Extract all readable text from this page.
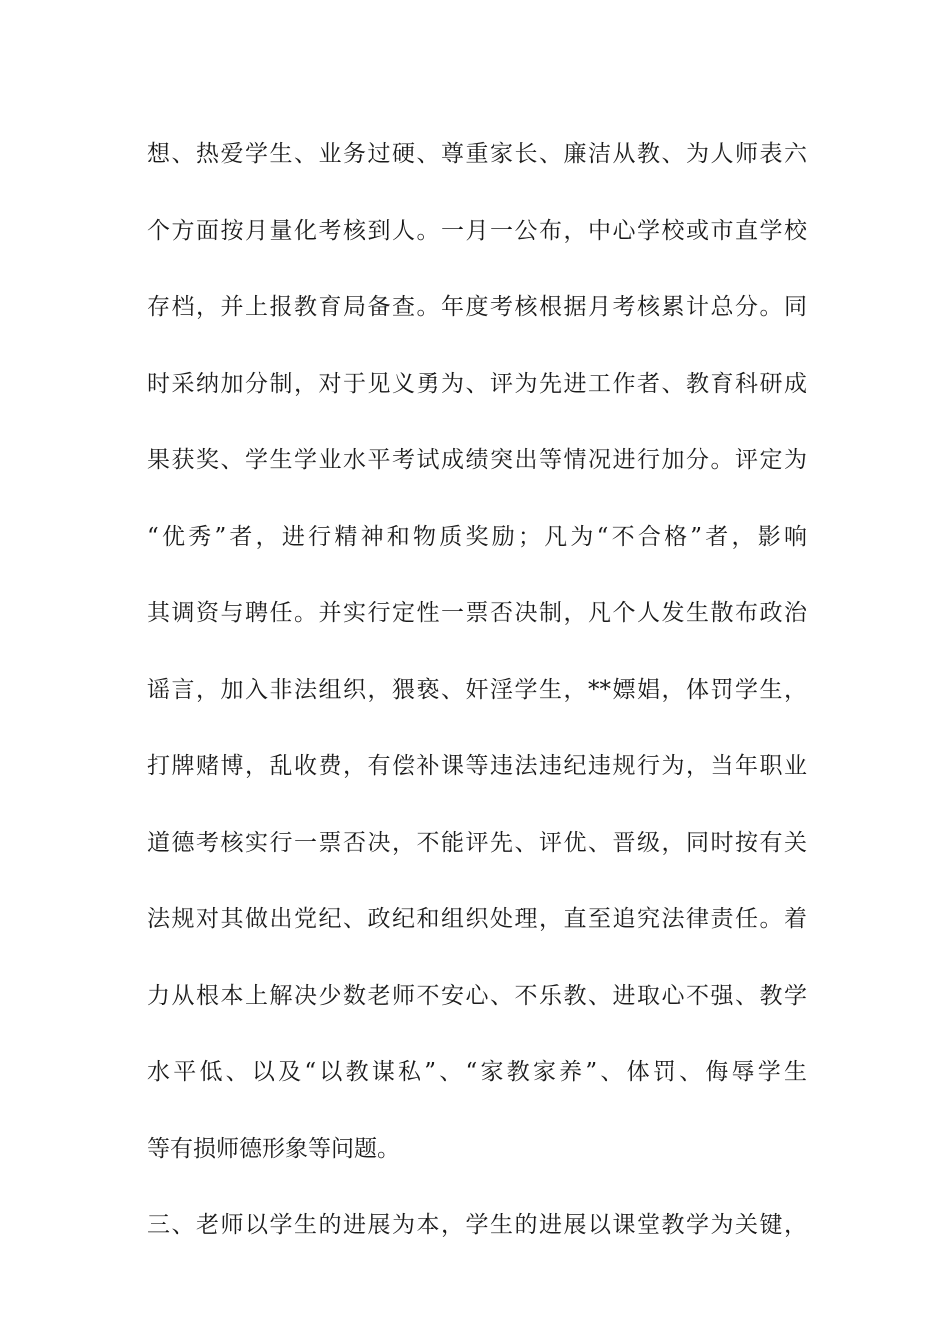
想、热爱学生、业务过硬、尊重家长、廉洁从教、为人师表六
个方面按月量化考核到人。一月一公布，中心学校或市直学校
存档，并上报教育局备查。年度考核根据月考核累计总分。同
时采纳加分制，对于见义勇为、评为先进工作者、教育科研成
果获奖、学生学业水平考试成绩突出等情况进行加分。评定为
“优秀”者，进行精神和物质奖励；凡为“不合格”者，影响
其调资与聘任。并实行定性一票否决制，凡个人发生散布政治
谣言，加入非法组织，猥亵、奸淫学生，**嫖娼，体罚学生，
打牌赌博，乱收费，有偿补课等违法违纪违规行为，当年职业
道德考核实行一票否决，不能评先、评优、晋级，同时按有关
法规对其做出党纪、政纪和组织处理，直至追究法律责任。着
力从根本上解决少数老师不安心、不乐教、进取心不强、教学
水平低、以及“以教谋私”、“家教家养”、体罚、侮辱学生
等有损师德形象等问题。
三、老师以学生的进展为本，学生的进展以课堂教学为关键，
